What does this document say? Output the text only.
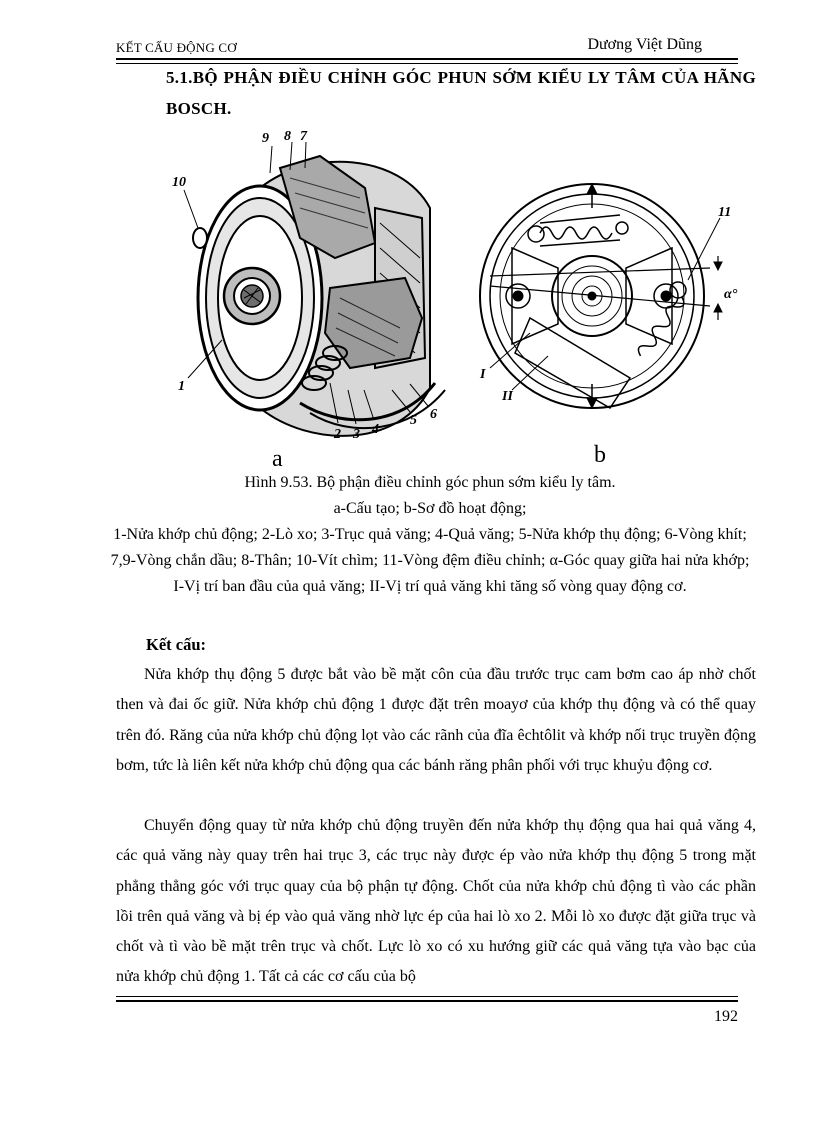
KẾT CẤU ĐỘNG CƠ	Dương Việt Dũng
5.1.BỘ PHẬN ĐIỀU CHỈNH GÓC PHUN SỚM KIỂU LY TÂM CỦA HÃNG BOSCH.
9 8 7
10
1
2 3 4
5 6
a
11
α°
I
II
b

Hình 9.53. Bộ phận điều chỉnh góc phun sớm kiểu ly tâm.

a-Cấu tạo; b-Sơ đồ hoạt động;

1-Nửa khớp chủ động; 2-Lò xo; 3-Trục quả văng; 4-Quả văng; 5-Nửa khớp thụ động; 6-Vòng khít; 7,9-Vòng chắn dầu; 8-Thân; 10-Vít chìm; 11-Vòng đệm điều chỉnh; α-Góc quay giữa hai nửa khớp; I-Vị trí ban đầu của quả văng; II-Vị trí quả văng khi tăng số vòng quay động cơ.

Kết cấu:

Nửa khớp thụ động 5 được bắt vào bề mặt côn của đầu trước trục cam bơm cao áp nhờ chốt then và đai ốc giữ. Nửa khớp chủ động 1 được đặt trên moayơ của khớp thụ động và có thể quay trên đó. Răng của nửa khớp chủ động lọt vào các rãnh của đĩa êchtôlit và khớp nối trục truyền động bơm, tức là liên kết nửa khớp chủ động qua các bánh răng phân phối với trục khuỷu động cơ.

Chuyển động quay từ nửa khớp chủ động truyền đến nửa khớp thụ động qua hai quả văng 4, các quả văng này quay trên hai trục 3, các trục này được ép vào nửa khớp thụ động 5 trong mặt phẳng thẳng góc với trục quay của bộ phận tự động. Chốt của nửa khớp chủ động tì vào các phần lồi trên quả văng và bị ép vào quả văng nhờ lực ép của hai lò xo 2. Mỗi lò xo được đặt giữa trục và chốt và tì vào bề mặt trên trục và chốt. Lực lò xo có xu hướng giữ các quả văng tựa vào bạc của nửa khớp chủ động 1. Tất cả các cơ cấu của bộ

192
